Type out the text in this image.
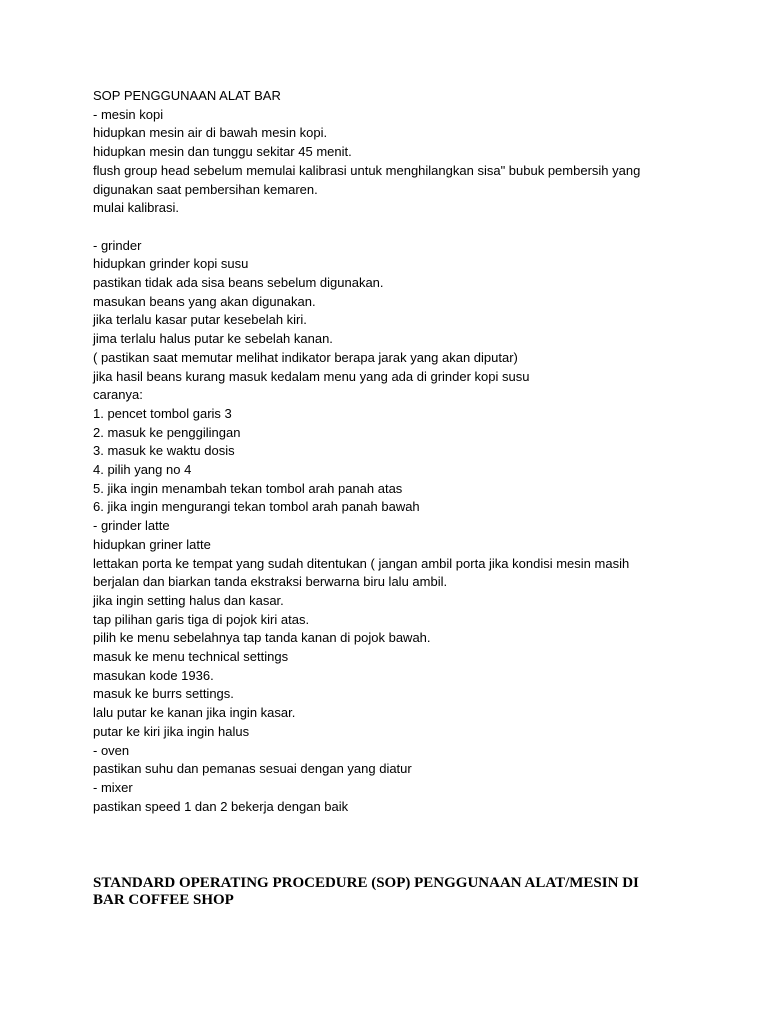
SOP PENGGUNAAN ALAT BAR
- mesin kopi
hidupkan mesin air di bawah mesin kopi.
hidupkan mesin dan tunggu sekitar 45 menit.
flush group head sebelum memulai kalibrasi untuk menghilangkan sisa" bubuk pembersih yang
digunakan saat pembersihan kemaren.
mulai kalibrasi.
- grinder
hidupkan grinder kopi susu
pastikan tidak ada sisa beans sebelum digunakan.
masukan beans yang akan digunakan.
jika terlalu kasar putar kesebelah kiri.
jima terlalu halus putar ke sebelah kanan.
( pastikan saat memutar melihat indikator berapa jarak yang akan diputar)
jika hasil beans kurang masuk kedalam menu yang ada di grinder kopi susu
caranya:
1. pencet tombol garis 3
2. masuk ke penggilingan
3. masuk ke waktu dosis
4. pilih yang no 4
5. jika ingin menambah tekan tombol arah panah atas
6. jika ingin mengurangi tekan tombol arah panah bawah
- grinder latte
hidupkan griner latte
lettakan porta ke tempat yang sudah ditentukan ( jangan ambil porta jika kondisi mesin masih
berjalan dan biarkan tanda ekstraksi berwarna biru lalu ambil.
jika ingin setting halus dan kasar.
tap pilihan garis tiga di pojok kiri atas.
pilih ke menu sebelahnya tap tanda kanan di pojok bawah.
masuk ke menu technical settings
masukan kode 1936.
masuk ke burrs settings.
lalu putar ke kanan jika ingin kasar.
putar ke kiri jika ingin halus
- oven
pastikan suhu dan pemanas sesuai dengan yang diatur
- mixer
pastikan speed 1 dan 2 bekerja dengan baik
STANDARD OPERATING PROCEDURE (SOP) PENGGUNAAN ALAT/MESIN DI
BAR COFFEE SHOP
